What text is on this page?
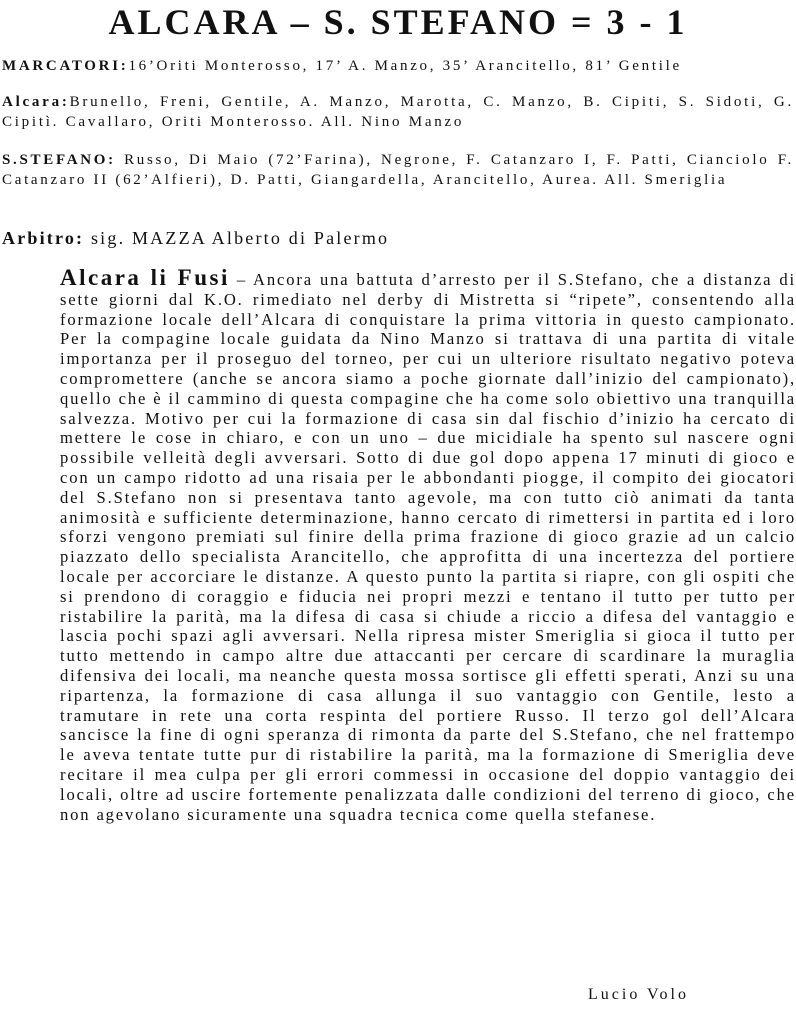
ALCARA – S. STEFANO = 3 - 1
MARCATORI:16’Oriti Monterosso, 17’ A. Manzo, 35’ Arancitello, 81’ Gentile
Alcara:Brunello, Freni, Gentile, A. Manzo, Marotta, C. Manzo, B. Cipiti, S. Sidoti, G. Cipitì. Cavallaro, Oriti Monterosso. All. Nino Manzo
S.STEFANO: Russo, Di Maio (72’Farina), Negrone, F. Catanzaro I, F. Patti, Cianciolo F. Catanzaro II (62’Alfieri), D. Patti, Giangardella, Arancitello, Aurea. All. Smeriglia
Arbitro: sig. MAZZA Alberto di Palermo
Alcara li Fusi – Ancora una battuta d’arresto per il S.Stefano, che a distanza di sette giorni dal K.O. rimediato nel derby di Mistretta si “ripete”, consentendo alla formazione locale dell’Alcara di conquistare la prima vittoria in questo campionato. Per la compagine locale guidata da Nino Manzo si trattava di una partita di vitale importanza per il proseguo del torneo, per cui un ulteriore risultato negativo poteva compromettere (anche se ancora siamo a poche giornate dall’inizio del campionato), quello che è il cammino di questa compagine che ha come solo obiettivo una tranquilla salvezza. Motivo per cui la formazione di casa sin dal fischio d’inizio ha cercato di mettere le cose in chiaro, e con un uno – due micidiale ha spento sul nascere ogni possibile velleità degli avversari. Sotto di due gol dopo appena 17 minuti di gioco e con un campo ridotto ad una risaia per le abbondanti piogge, il compito dei giocatori del S.Stefano non si presentava tanto agevole, ma con tutto ciò animati da tanta animosità e sufficiente determinazione, hanno cercato di rimettersi in partita ed i loro sforzi vengono premiati sul finire della prima frazione di gioco grazie ad un calcio piazzato dello specialista Arancitello, che approfitta di una incertezza del portiere locale per accorciare le distanze. A questo punto la partita si riapre, con gli ospiti che si prendono di coraggio e fiducia nei propri mezzi e tentano il tutto per tutto per ristabilire la parità, ma la difesa di casa si chiude a riccio a difesa del vantaggio e lascia pochi spazi agli avversari. Nella ripresa mister Smeriglia si gioca il tutto per tutto mettendo in campo altre due attaccanti per cercare di scardinare la muraglia difensiva dei locali, ma neanche questa mossa sortisce gli effetti sperati, Anzi su una ripartenza, la formazione di casa allunga il suo vantaggio con Gentile, lesto a tramutare in rete una corta respinta del portiere Russo. Il terzo gol dell’Alcara sancisce la fine di ogni speranza di rimonta da parte del S.Stefano, che nel frattempo le aveva tentate tutte pur di ristabilire la parità, ma la formazione di Smeriglia deve recitare il mea culpa per gli errori commessi in occasione del doppio vantaggio dei locali, oltre ad uscire fortemente penalizzata dalle condizioni del terreno di gioco, che non agevolano sicuramente una squadra tecnica come quella stefanese.
Lucio Volo
